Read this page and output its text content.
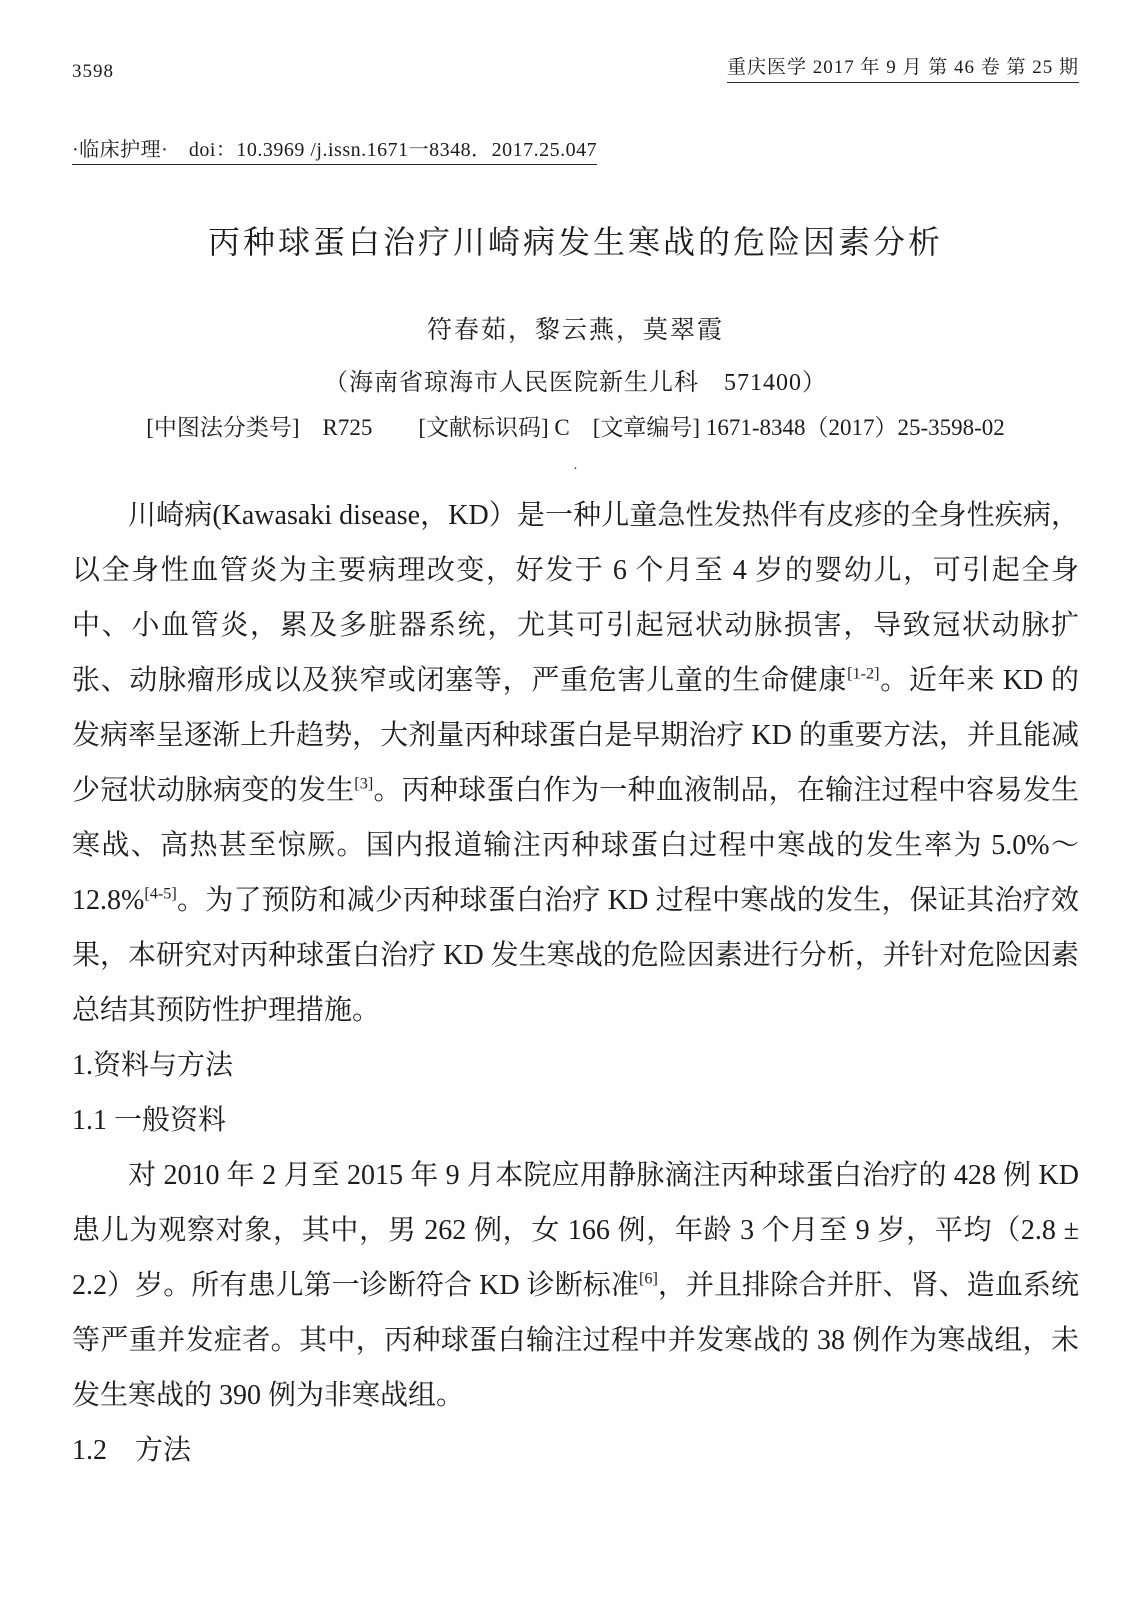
3598	重庆医学 2017 年 9 月 第 46 卷 第 25 期
·临床护理·　doi：10.3969 /j.issn.1671一8348．2017.25.047
丙种球蛋白治疗川崎病发生寒战的危险因素分析
符春茹，黎云燕，莫翠霞
（海南省琼海市人民医院新生儿科　571400）
[中图法分类号]　R725　　[文献标识码] C　[文章编号] 1671-8348（2017）25-3598-02
.

川崎病(Kawasaki disease，KD）是一种儿童急性发热伴有皮疹的全身性疾病，以全身性血管炎为主要病理改变，好发于 6 个月至 4 岁的婴幼儿，可引起全身中、小血管炎，累及多脏器系统，尤其可引起冠状动脉损害，导致冠状动脉扩张、动脉瘤形成以及狭窄或闭塞等，严重危害儿童的生命健康[1-2]。近年来 KD 的发病率呈逐渐上升趋势，大剂量丙种球蛋白是早期治疗 KD 的重要方法，并且能减少冠状动脉病变的发生[3]。丙种球蛋白作为一种血液制品，在输注过程中容易发生寒战、高热甚至惊厥。国内报道输注丙种球蛋白过程中寒战的发生率为 5.0%～12.8%[4-5]。为了预防和减少丙种球蛋白治疗 KD 过程中寒战的发生，保证其治疗效果，本研究对丙种球蛋白治疗 KD 发生寒战的危险因素进行分析，并针对危险因素总结其预防性护理措施。

1.资料与方法

1.1 一般资料

对 2010 年 2 月至 2015 年 9 月本院应用静脉滴注丙种球蛋白治疗的 428 例 KD 患儿为观察对象，其中，男 262 例，女 166 例，年龄 3 个月至 9 岁，平均（2.8 ± 2.2）岁。所有患儿第一诊断符合 KD 诊断标准[6]，并且排除合并肝、肾、造血系统等严重并发症者。其中，丙种球蛋白输注过程中并发寒战的 38 例作为寒战组，未发生寒战的 390 例为非寒战组。

1.2　方法
